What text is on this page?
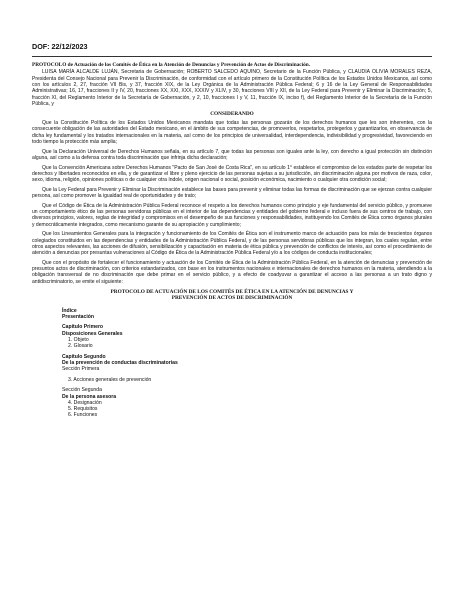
DOF: 22/12/2023

PROTOCOLO de Actuación de los Comités de Ética en la Atención de Denuncias y Prevención de Actos de Discriminación.

LUISA MARÍA ALCALDE LUJÁN, Secretaria de Gobernación; ROBERTO SALCEDO AQUINO, Secretario de la Función Pública, y CLAUDIA OLIVIA MORALES REZA, Presidenta del Consejo Nacional para Prevenir la Discriminación, de conformidad con el artículo primero de la Constitución Política de los Estados Unidos Mexicanos, así como con los artículos 2, 27, fracción VII Bis, y 37, fracción XIX, de la Ley Orgánica de la Administración Pública Federal; 6 y 16 de la Ley General de Responsabilidades Administrativas; 16, 17, fracciones II y IV, 20, fracciones XX, XXI, XXX, XXXIV y XLIV, y 30, fracciones VIII y XII, de la Ley Federal para Prevenir y Eliminar la Discriminación; 5, fracción XI, del Reglamento Interior de la Secretaría de Gobernación, y 2, 10, fracciones I y V, 11, fracción IX, inciso f), del Reglamento Interior de la Secretaría de la Función Pública, y

CONSIDERANDO

Que la Constitución Política de los Estados Unidos Mexicanos mandata que todas las personas gozarán de los derechos humanos que les son inherentes, con la consecuente obligación de las autoridades del Estado mexicano, en el ámbito de sus competencias, de promoverlos, respetarlos, protegerlos y garantizarlos, en observancia de dicha ley fundamental y los tratados internacionales en la materia, así como de los principios de universalidad, interdependencia, indivisibilidad y progresividad, favoreciendo en todo tiempo la protección más amplia;

Que la Declaración Universal de Derechos Humanos señala, en su artículo 7, que todas las personas son iguales ante la ley, con derecho a igual protección sin distinción alguna, así como a la defensa contra toda discriminación que infrinja dicha declaración;

Que la Convención Americana sobre Derechos Humanos "Pacto de San José de Costa Rica", en su artículo 1° establece el compromiso de los estados parte de respetar los derechos y libertades reconocidos en ella, y de garantizar el libre y pleno ejercicio de las personas sujetas a su jurisdicción, sin discriminación alguna por motivos de raza, color, sexo, idioma, religión, opiniones políticas o de cualquier otra índole, origen nacional o social, posición económica, nacimiento o cualquier otra condición social;

Que la Ley Federal para Prevenir y Eliminar la Discriminación establece las bases para prevenir y eliminar todas las formas de discriminación que se ejerzan contra cualquier persona, así como promover la igualdad real de oportunidades y de trato;

Que el Código de Ética de la Administración Pública Federal reconoce el respeto a los derechos humanos como principio y eje fundamental del servicio público, y promueve un comportamiento ético de las personas servidoras públicas en el interior de las dependencias y entidades del gobierno federal e incluso fuera de sus centros de trabajo, con diversos principios, valores, reglas de integridad y compromisos en el desempeño de sus funciones y responsabilidades, instituyendo los Comités de Ética como órganos plurales y democráticamente integrados, como mecanismo garante de su apropiación y cumplimiento;

Que los Lineamientos Generales para la integración y funcionamiento de los Comités de Ética son el instrumento marco de actuación para los más de trescientos órganos colegiados constituidos en las dependencias y entidades de la Administración Pública Federal, y de las personas servidoras públicas que los integran, los cuales regulan, entre otros aspectos relevantes, las acciones de difusión, sensibilización y capacitación en materia de ética pública y prevención de conflictos de interés, así como el procedimiento de atención a denuncias por presuntas vulneraciones al Código de Ética de la Administración Pública Federal y/o a los códigos de conducta institucionales;

Que con el propósito de fortalecer el funcionamiento y actuación de los Comités de Ética de la Administración Pública Federal, en la atención de denuncias y prevención de presuntos actos de discriminación, con criterios estandarizados, con base en los instrumentos nacionales e internacionales de derechos humanos en la materia, atendiendo a la obligación transversal de no discriminación que debe primar en el servicio público, y a efecto de coadyuvar a garantizar el acceso a las personas a un trato digno y antidiscriminatorio, se emite el siguiente:

PROTOCOLO DE ACTUACIÓN DE LOS COMITÉS DE ÉTICA EN LA ATENCIÓN DE DENUNCIAS Y
PREVENCIÓN DE ACTOS DE DISCRIMINACIÓN
Índice
Presentación
Capítulo Primero
Disposiciones Generales
1. Objeto
2. Glosario
Capítulo Segundo
De la prevención de conductas discriminatorias
Sección Primera
3. Acciones generales de prevención
Sección Segunda
De la persona asesora
4. Designación
5. Requisitos
6. Funciones
